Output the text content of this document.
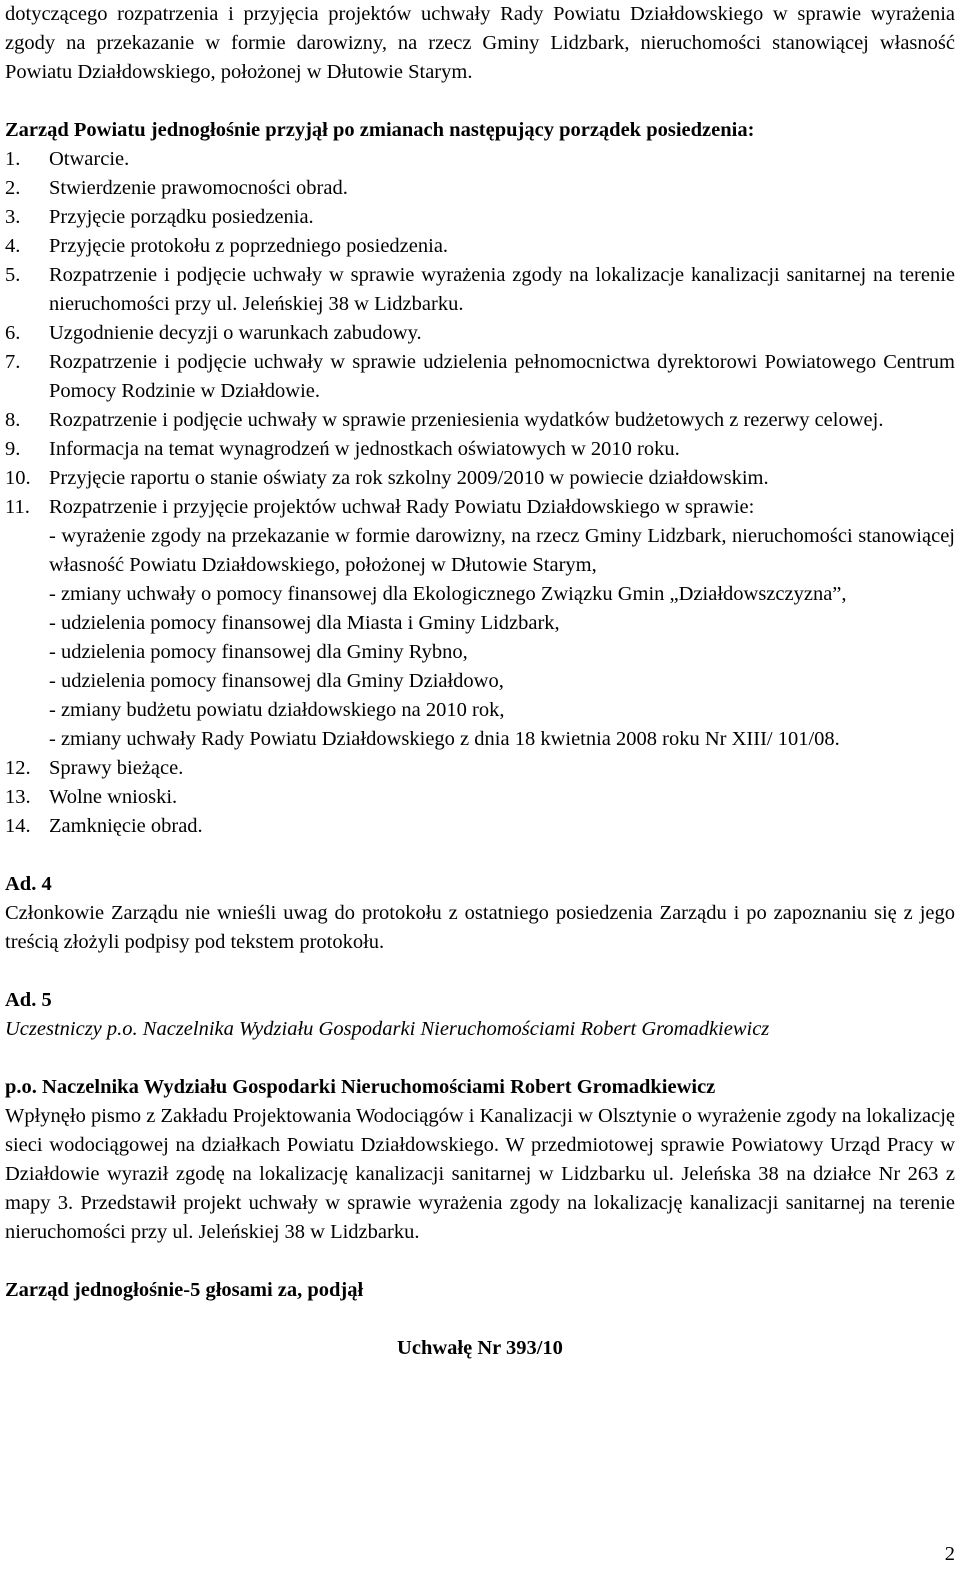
dotyczącego rozpatrzenia i przyjęcia projektów uchwały Rady Powiatu Działdowskiego w sprawie wyrażenia zgody na przekazanie w formie darowizny, na rzecz Gminy Lidzbark, nieruchomości stanowiącej własność Powiatu Działdowskiego, położonej w Dłutowie Starym.

Zarząd Powiatu jednogłośnie przyjął po zmianach następujący porządek posiedzenia:

1.	Otwarcie.
2.	Stwierdzenie prawomocności obrad.
3.	Przyjęcie porządku posiedzenia.
4.	Przyjęcie protokołu z poprzedniego posiedzenia.
5.	Rozpatrzenie i podjęcie uchwały w sprawie wyrażenia zgody na lokalizacje kanalizacji sanitarnej na terenie nieruchomości przy ul. Jeleńskiej 38 w Lidzbarku.
6.	Uzgodnienie decyzji o warunkach zabudowy.
7.	Rozpatrzenie i podjęcie uchwały w sprawie udzielenia pełnomocnictwa dyrektorowi Powiatowego Centrum Pomocy Rodzinie w Działdowie.
8.	Rozpatrzenie i podjęcie uchwały w sprawie przeniesienia wydatków budżetowych z rezerwy celowej.
9.	Informacja na temat wynagrodzeń w jednostkach oświatowych w 2010 roku.
10. Przyjęcie raportu o stanie oświaty za rok szkolny 2009/2010 w powiecie działdowskim.
11. Rozpatrzenie i przyjęcie projektów uchwał Rady Powiatu Działdowskiego w sprawie:
- wyrażenie zgody na przekazanie w formie darowizny, na rzecz Gminy Lidzbark, nieruchomości stanowiącej własność Powiatu Działdowskiego, położonej w Dłutowie Starym,
- zmiany uchwały o pomocy finansowej dla Ekologicznego Związku Gmin „Działdowszczyzna”,
- udzielenia pomocy finansowej dla Miasta i Gminy Lidzbark,
- udzielenia pomocy finansowej dla Gminy Rybno,
- udzielenia pomocy finansowej dla Gminy Działdowo,
- zmiany budżetu powiatu działdowskiego na 2010 rok,
- zmiany uchwały Rady Powiatu Działdowskiego z dnia 18 kwietnia 2008 roku Nr XIII/ 101/08.
12. Sprawy bieżące.
13. Wolne wnioski.
14. Zamknięcie obrad.

Ad. 4

Członkowie Zarządu nie wnieśli uwag do protokołu z ostatniego posiedzenia Zarządu i po zapoznaniu się z jego treścią złożyli podpisy pod tekstem protokołu.

Ad. 5

Uczestniczy p.o. Naczelnika Wydziału Gospodarki Nieruchomościami Robert Gromadkiewicz

p.o. Naczelnika Wydziału Gospodarki Nieruchomościami Robert Gromadkiewicz

Wpłynęło pismo z Zakładu Projektowania Wodociągów i Kanalizacji w Olsztynie o wyrażenie zgody na lokalizację sieci wodociągowej na działkach Powiatu Działdowskiego. W przedmiotowej sprawie Powiatowy Urząd Pracy w Działdowie wyraził zgodę na lokalizację kanalizacji sanitarnej w Lidzbarku ul. Jeleńska 38 na działce Nr 263 z mapy 3. Przedstawił projekt uchwały w sprawie wyrażenia zgody na lokalizację kanalizacji sanitarnej na terenie nieruchomości przy ul. Jeleńskiej 38 w Lidzbarku.

Zarząd jednogłośnie-5 głosami za, podjął

Uchwałę Nr 393/10

2
